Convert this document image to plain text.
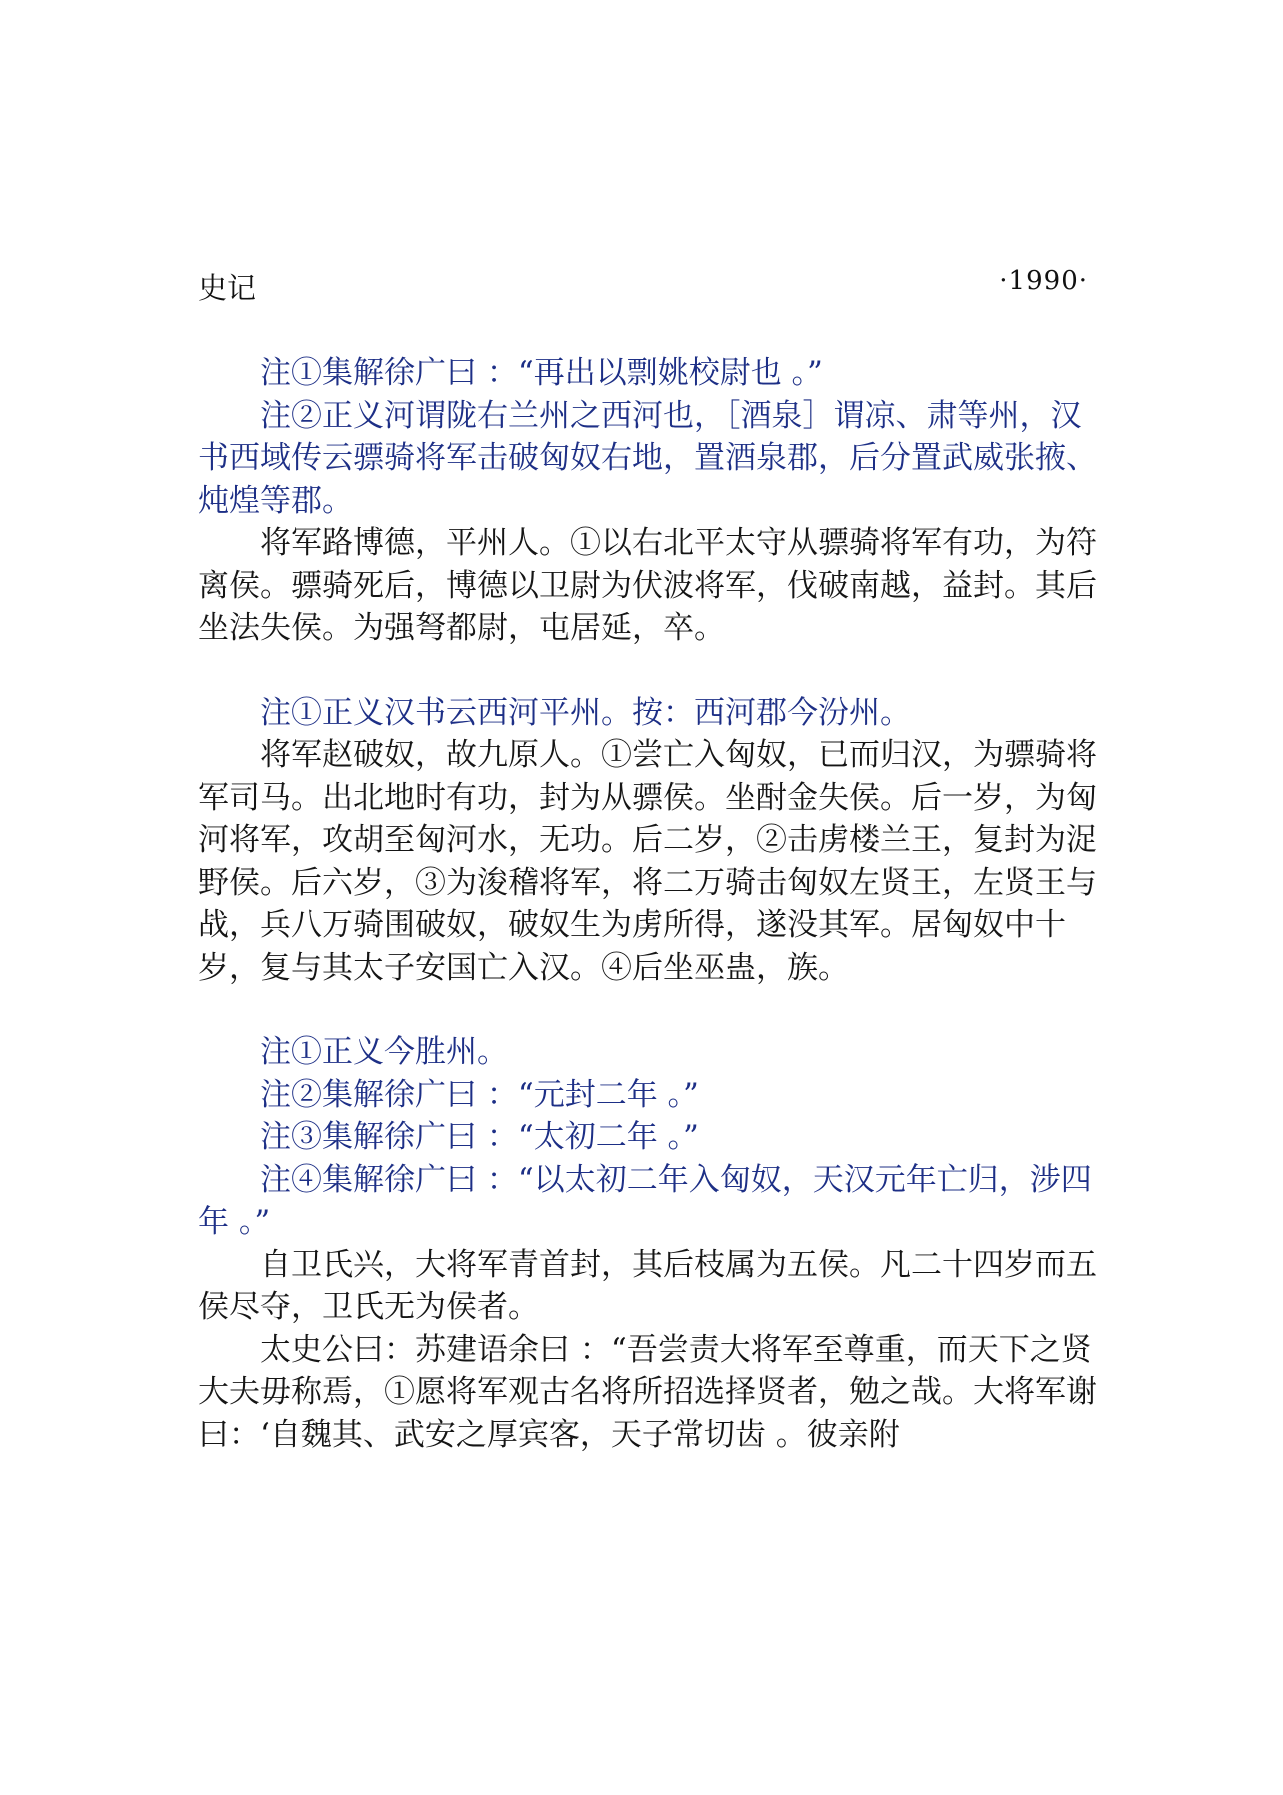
史记	·1990·

注①集解徐广曰 ：“再出以剽姚校尉也 。”

注②正义河谓陇右兰州之西河也，［酒泉］谓凉、肃等州，汉书西域传云骠骑将军击破匈奴右地，置酒泉郡，后分置武威张掖、炖煌等郡。

将军路博德，平州人。①以右北平太守从骠骑将军有功，为符离侯。骠骑死后，博德以卫尉为伏波将军，伐破南越，益封。其后坐法失侯。为强弩都尉，屯居延，卒。

注①正义汉书云西河平州。按：西河郡今汾州。

将军赵破奴，故九原人。①尝亡入匈奴，已而归汉，为骠骑将军司马。出北地时有功，封为从骠侯。坐酎金失侯。后一岁，为匈河将军，攻胡至匈河水，无功。后二岁，②击虏楼兰王，复封为浞野侯。后六岁，③为浚稽将军，将二万骑击匈奴左贤王，左贤王与战，兵八万骑围破奴，破奴生为虏所得，遂没其军。居匈奴中十岁，复与其太子安国亡入汉。④后坐巫蛊，族。

注①正义今胜州。

注②集解徐广曰 ：“元封二年 。”

注③集解徐广曰 ：“太初二年 。”

注④集解徐广曰 ：“以太初二年入匈奴，天汉元年亡归，涉四年 。”

自卫氏兴，大将军青首封，其后枝属为五侯。凡二十四岁而五侯尽夺，卫氏无为侯者。

太史公曰：苏建语余曰 ：“吾尝责大将军至尊重，而天下之贤大夫毋称焉，①愿将军观古名将所招选择贤者，勉之哉。大将军谢曰：‘自魏其、武安之厚宾客，天子常切齿 。彼亲附
